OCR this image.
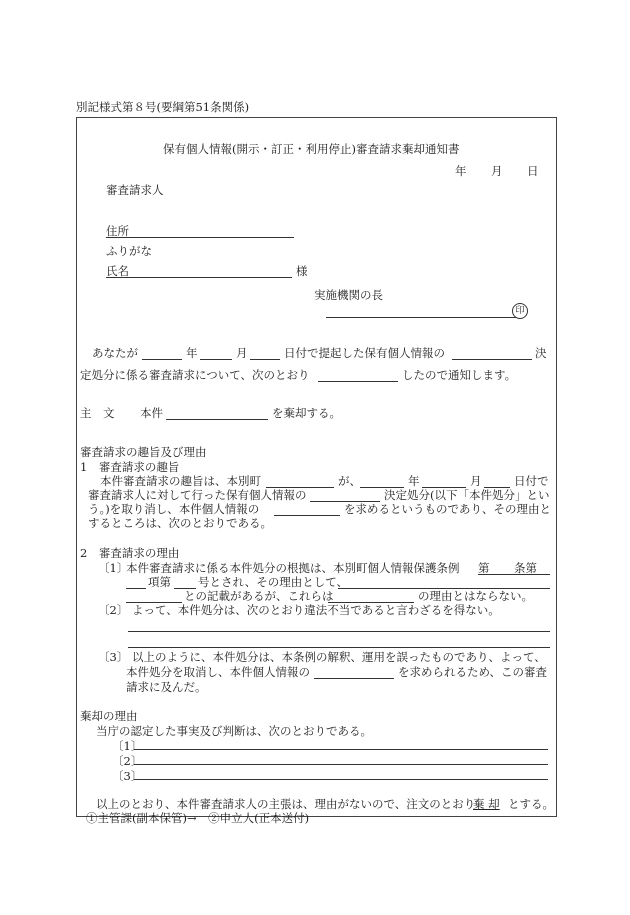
別記様式第８号(要綱第51条関係)
保有個人情報(開示・訂正・利用停止)審査請求棄却通知書
年 月 日
審査請求人
住所
ふりがな
氏名	様
実施機関の長
印
あなたが	年	月	日付で提起した保有個人情報の	決
定処分に係る審査請求について、次のとおり	したので通知します。
主　文 本件	を棄却する。
審査請求の趣旨及び理由
1　審査請求の趣旨
本件審査請求の趣旨は、本別町	が、	年	月	日付で
審査請求人に対して行った保有個人情報の	決定処分(以下「本件処分」とい
う。)を取り消し、本件個人情報の	を求めるというものであり、その理由と
するところは、次のとおりである。
2　審査請求の理由
〔1〕
本件審査請求に係る本件処分の根拠は、本別町個人情報保護条例 第 条第
項第 号とされ、その理由として、
との記載があるが、これらは	の理由とはならない。
〔2〕 よって、本件処分は、次のとおり違法不当であると言わざるを得ない。
〔3〕 以上のように、本件処分は、本条例の解釈、運用を誤ったものであり、よって、
本件処分を取消し、本件個人情報の	を求められるため、この審査
請求に及んだ。
棄却の理由
当庁の認定した事実及び判断は、次のとおりである。
〔1〕
〔2〕
〔3〕
以上のとおり、本件審査請求人の主張は、理由がないので、注文のとおり
棄 却 とする。
①主管課(副本保管)→　②申立人(正本送付)
